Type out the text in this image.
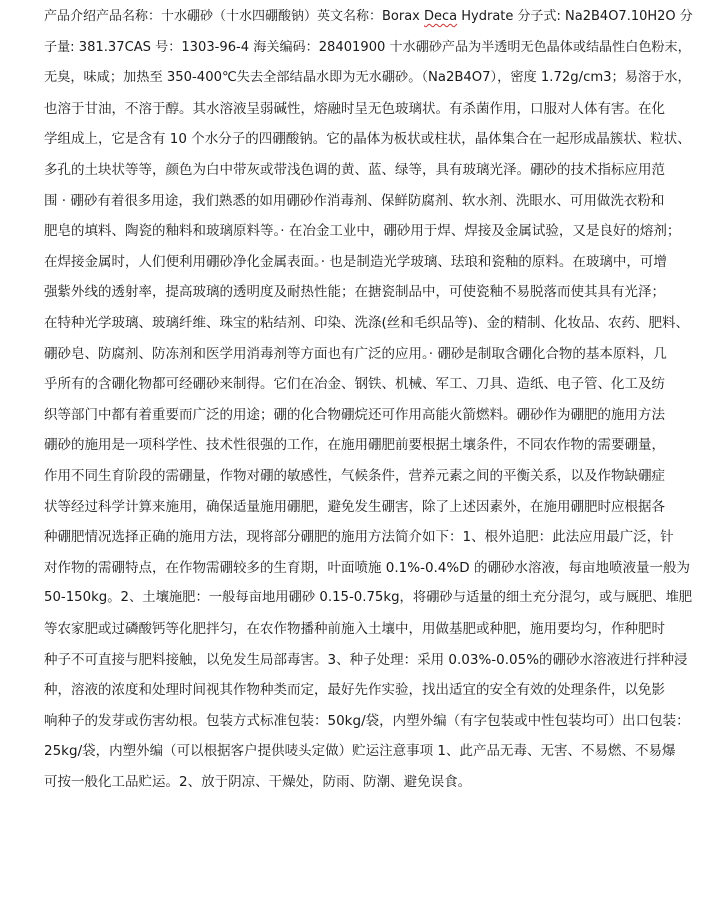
产品介绍产品名称：十水硼砂（十水四硼酸钠）英文名称：Borax Deca Hydrate 分子式: Na2B4O7.10H2O 分
子量: 381.37CAS 号：1303-96-4 海关编码：28401900 十水硼砂产品为半透明无色晶体或结晶性白色粉末，
无臭，味咸；加热至 350-400℃失去全部结晶水即为无水硼砂。（Na2B4O7），密度 1.72g/cm3；易溶于水，
也溶于甘油，不溶于醇。其水溶液呈弱碱性，熔融时呈无色玻璃状。有杀菌作用，口服对人体有害。在化
学组成上，它是含有 10 个水分子的四硼酸钠。它的晶体为板状或柱状，晶体集合在一起形成晶簇状、粒状、
多孔的土块状等等，颜色为白中带灰或带浅色调的黄、蓝、绿等，具有玻璃光泽。硼砂的技术指标应用范
围 · 硼砂有着很多用途，我们熟悉的如用硼砂作消毒剂、保鲜防腐剂、软水剂、洗眼水、可用做洗衣粉和
肥皂的填料、陶瓷的釉料和玻璃原料等。· 在冶金工业中，硼砂用于焊、焊接及金属试验，又是良好的熔剂；
在焊接金属时，人们便利用硼砂净化金属表面。· 也是制造光学玻璃、珐琅和瓷釉的原料。在玻璃中，可增
强紫外线的透射率，提高玻璃的透明度及耐热性能；在搪瓷制品中，可使瓷釉不易脱落而使其具有光泽；
在特种光学玻璃、玻璃纤维、珠宝的粘结剂、印染、洗涤(丝和毛织品等)、金的精制、化妆品、农药、肥料、
硼砂皂、防腐剂、防冻剂和医学用消毒剂等方面也有广泛的应用。· 硼砂是制取含硼化合物的基本原料，几
乎所有的含硼化物都可经硼砂来制得。它们在冶金、钢铁、机械、军工、刀具、造纸、电子管、化工及纺
织等部门中都有着重要而广泛的用途；硼的化合物硼烷还可作用高能火箭燃料。硼砂作为硼肥的施用方法
硼砂的施用是一项科学性、技术性很强的工作，在施用硼肥前要根据土壤条件，不同农作物的需要硼量，
作用不同生育阶段的需硼量，作物对硼的敏感性，气候条件，营养元素之间的平衡关系，以及作物缺硼症
状等经过科学计算来施用，确保适量施用硼肥，避免发生硼害，除了上述因素外，在施用硼肥时应根据各
种硼肥情况选择正确的施用方法，现将部分硼肥的施用方法简介如下：1、根外追肥：此法应用最广泛，针
对作物的需硼特点，在作物需硼较多的生育期，叶面喷施 0.1%-0.4%D 的硼砂水溶液，每亩地喷液量一般为
50-150kg。2、土壤施肥：一般每亩地用硼砂 0.15-0.75kg，将硼砂与适量的细土充分混匀，或与厩肥、堆肥
等农家肥或过磷酸钙等化肥拌匀，在农作物播种前施入土壤中，用做基肥或种肥，施用要均匀，作种肥时
种子不可直接与肥料接触，以免发生局部毒害。3、种子处理：采用 0.03%-0.05%的硼砂水溶液进行拌种浸
种，溶液的浓度和处理时间视其作物种类而定，最好先作实验，找出适宜的安全有效的处理条件，以免影
响种子的发芽或伤害幼根。包装方式标准包装：50kg/袋，内塑外编（有字包装或中性包装均可）出口包装：
25kg/袋，内塑外编（可以根据客户提供唛头定做）贮运注意事项 1、此产品无毒、无害、不易燃、不易爆
可按一般化工品贮运。2、放于阴凉、干燥处，防雨、防潮、避免误食。
